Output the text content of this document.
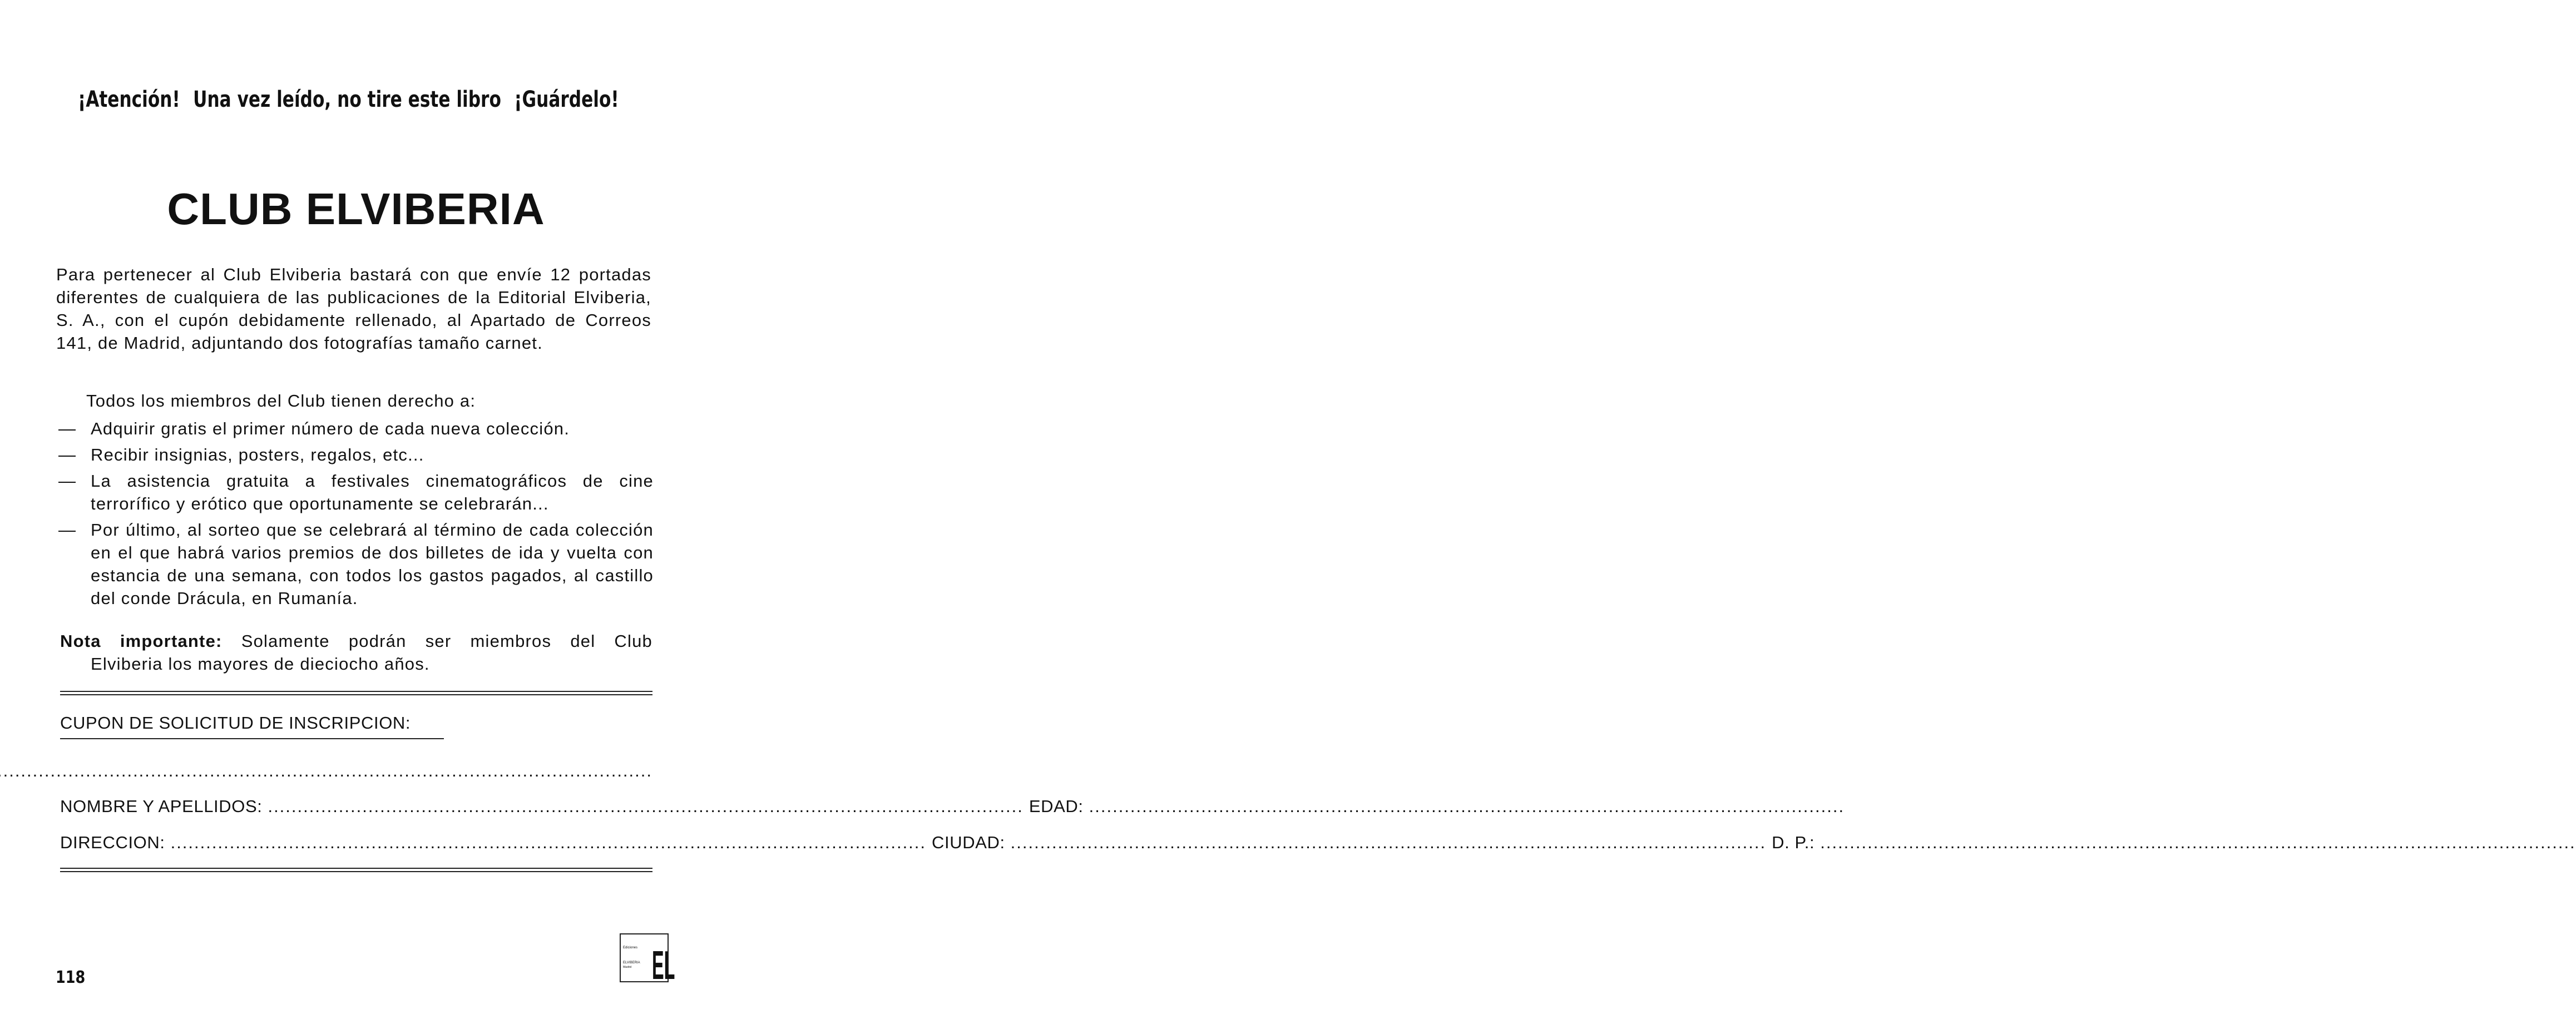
¡Atención! Una vez leído, no tire este libro ¡Guárdelo!
CLUB ELVIBERIA

Para pertenecer al Club Elviberia bastará con que envíe 12 portadas diferentes de cualquiera de las publicaciones de la Editorial Elviberia, S. A., con el cupón debidamente rellenado, al Apartado de Correos 141, de Madrid, adjuntando dos fotografías tamaño carnet.

Todos los miembros del Club tienen derecho a:
— Adquirir gratis el primer número de cada nueva colección.
— Recibir insignias, posters, regalos, etc...
— La asistencia gratuita a festivales cinematográficos de cine terrorífico y erótico que oportunamente se celebrarán...
— Por último, al sorteo que se celebrará al término de cada colección en el que habrá varios premios de dos billetes de ida y vuelta con estancia de una semana, con todos los gastos pagados, al castillo del conde Drácula, en Rumanía.
Nota importante: Solamente podrán ser miembros del Club
Elviberia los mayores de dieciocho años.
CUPON DE SOLICITUD DE INSCRIPCION:
.....
NOMBRE Y APELLIDOS: .....	EDAD:
.....
DIRECCION: .....	CIUDAD: .....	D. P.:
.....
118
Ediciones
ELVIBERIA
Madrid EL
